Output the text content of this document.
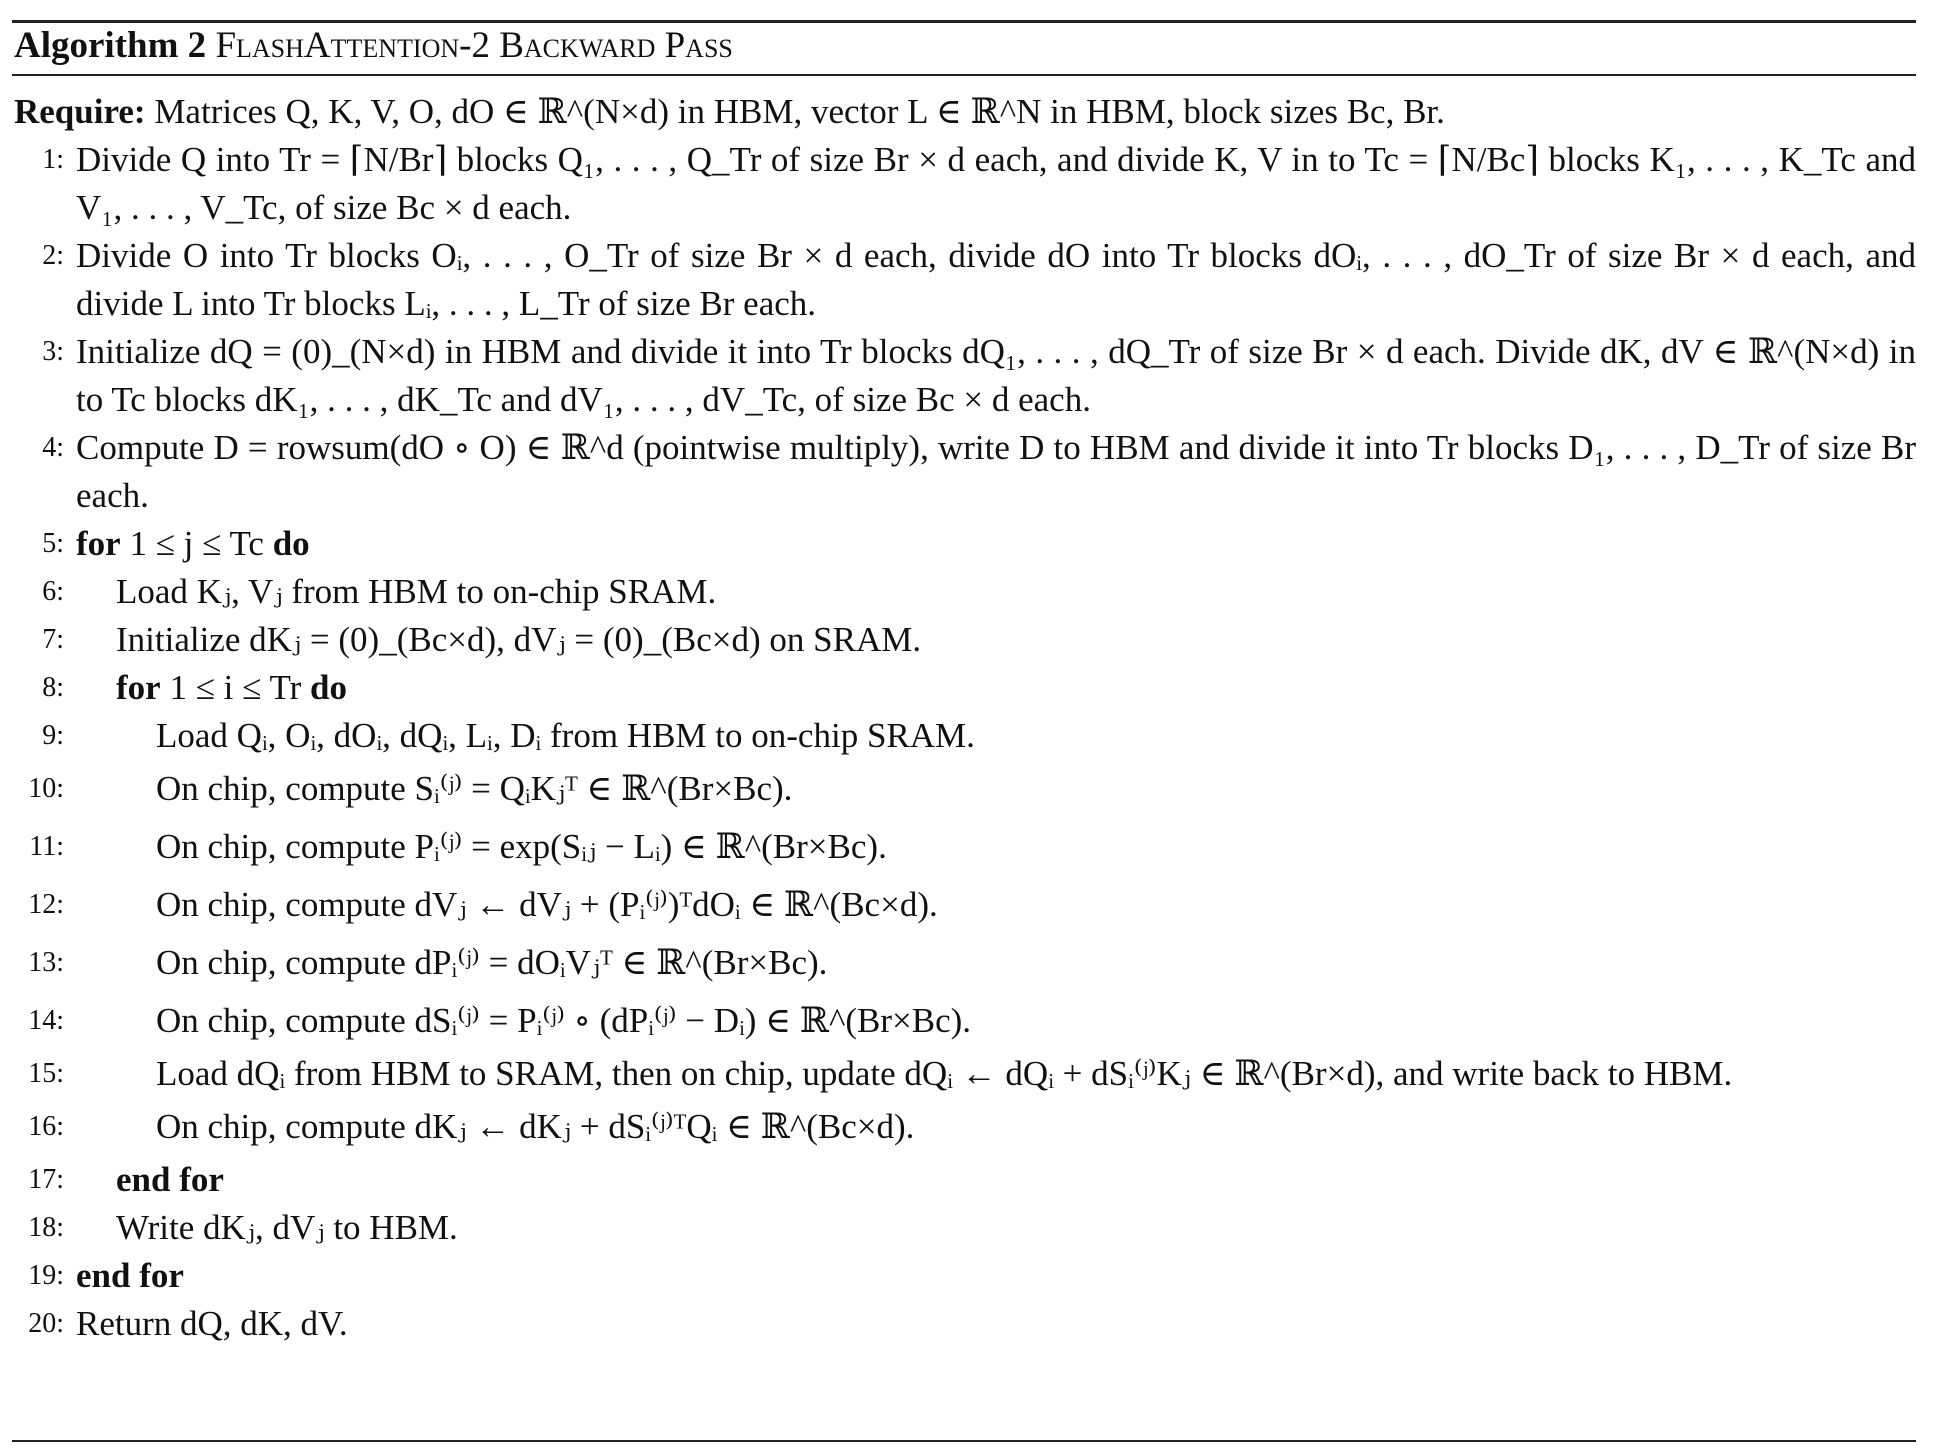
Algorithm 2 FlashAttention-2 Backward Pass
Require: Matrices Q, K, V, O, dO ∈ ℝ^(N×d) in HBM, vector L ∈ ℝ^N in HBM, block sizes Bc, Br.
1: Divide Q into Tr = ⌈N/Br⌉ blocks Q₁, . . . , Q_Tr of size Br × d each, and divide K, V in to Tc = ⌈N/Bc⌉ blocks K₁, . . . , K_Tc and V₁, . . . , V_Tc, of size Bc × d each.
2: Divide O into Tr blocks Oᵢ, . . . , O_Tr of size Br × d each, divide dO into Tr blocks dOᵢ, . . . , dO_Tr of size Br × d each, and divide L into Tr blocks Lᵢ, . . . , L_Tr of size Br each.
3: Initialize dQ = (0)_(N×d) in HBM and divide it into Tr blocks dQ₁, . . . , dQ_Tr of size Br × d each. Divide dK, dV ∈ ℝ^(N×d) in to Tc blocks dK₁, . . . , dK_Tc and dV₁, . . . , dV_Tc, of size Bc × d each.
4: Compute D = rowsum(dO ∘ O) ∈ ℝ^d (pointwise multiply), write D to HBM and divide it into Tr blocks D₁, . . . , D_Tr of size Br each.
5: for 1 ≤ j ≤ Tc do
6:	Load Kⱼ, Vⱼ from HBM to on-chip SRAM.
7:	Initialize dKⱼ = (0)_(Bc×d), dVⱼ = (0)_(Bc×d) on SRAM.
8:	for 1 ≤ i ≤ Tr do
9:	Load Qᵢ, Oᵢ, dOᵢ, dQᵢ, Lᵢ, Dᵢ from HBM to on-chip SRAM.
10:	On chip, compute Sᵢ⁽ʲ⁾ = QᵢKⱼᵀ ∈ ℝ^(Br×Bc).
11:	On chip, compute Pᵢ⁽ʲ⁾ = exp(Sᵢⱼ − Lᵢ) ∈ ℝ^(Br×Bc).
12:	On chip, compute dVⱼ ← dVⱼ + (Pᵢ⁽ʲ⁾)ᵀdOᵢ ∈ ℝ^(Bc×d).
13:	On chip, compute dPᵢ⁽ʲ⁾ = dOᵢVⱼᵀ ∈ ℝ^(Br×Bc).
14:	On chip, compute dSᵢ⁽ʲ⁾ = Pᵢ⁽ʲ⁾ ∘ (dPᵢ⁽ʲ⁾ − Dᵢ) ∈ ℝ^(Br×Bc).
15:	Load dQᵢ from HBM to SRAM, then on chip, update dQᵢ ← dQᵢ + dSᵢ⁽ʲ⁾Kⱼ ∈ ℝ^(Br×d), and write back to HBM.
16:	On chip, compute dKⱼ ← dKⱼ + dSᵢ⁽ʲ⁾ᵀQᵢ ∈ ℝ^(Bc×d).
17:	end for
18:	Write dKⱼ, dVⱼ to HBM.
19: end for
20: Return dQ, dK, dV.
